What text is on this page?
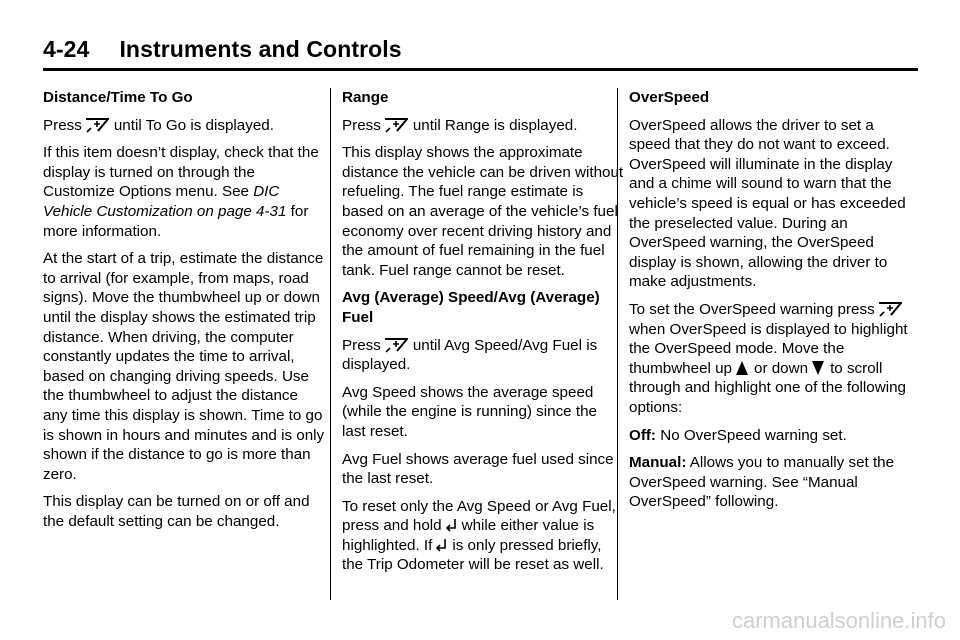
4-24 Instruments and Controls
Distance/Time To Go

Press until To Go is displayed.

If this item doesn’t display, check that the display is turned on through the Customize Options menu. See DIC Vehicle Customization on page 4-31 for more information.

At the start of a trip, estimate the distance to arrival (for example, from maps, road signs). Move the thumbwheel up or down until the display shows the estimated trip distance. When driving, the computer constantly updates the time to arrival, based on changing driving speeds. Use the thumbwheel to adjust the distance any time this display is shown. Time to go is shown in hours and minutes and is only shown if the distance to go is more than zero.

This display can be turned on or off and the default setting can be changed.

Range

Press until Range is displayed.

This display shows the approximate distance the vehicle can be driven without refueling. The fuel range estimate is based on an average of the vehicle’s fuel economy over recent driving history and the amount of fuel remaining in the fuel tank. Fuel range cannot be reset.

Avg (Average) Speed/Avg (Average) Fuel

Press until Avg Speed/Avg Fuel is displayed.

Avg Speed shows the average speed (while the engine is running) since the last reset.

Avg Fuel shows average fuel used since the last reset.

To reset only the Avg Speed or Avg Fuel, press and hold while either value is highlighted. If is only pressed briefly, the Trip Odometer will be reset as well.

OverSpeed

OverSpeed allows the driver to set a speed that they do not want to exceed. OverSpeed will illuminate in the display and a chime will sound to warn that the vehicle’s speed is equal or has exceeded the preselected value. During an OverSpeed warning, the OverSpeed display is shown, allowing the driver to make adjustments.

To set the OverSpeed warning press
when OverSpeed is displayed to highlight the OverSpeed mode. Move the thumbwheel up or down to scroll through and highlight one of the following options:

Off: No OverSpeed warning set.

Manual: Allows you to manually set the OverSpeed warning. See “Manual OverSpeed” following.

carmanualsonline.info
